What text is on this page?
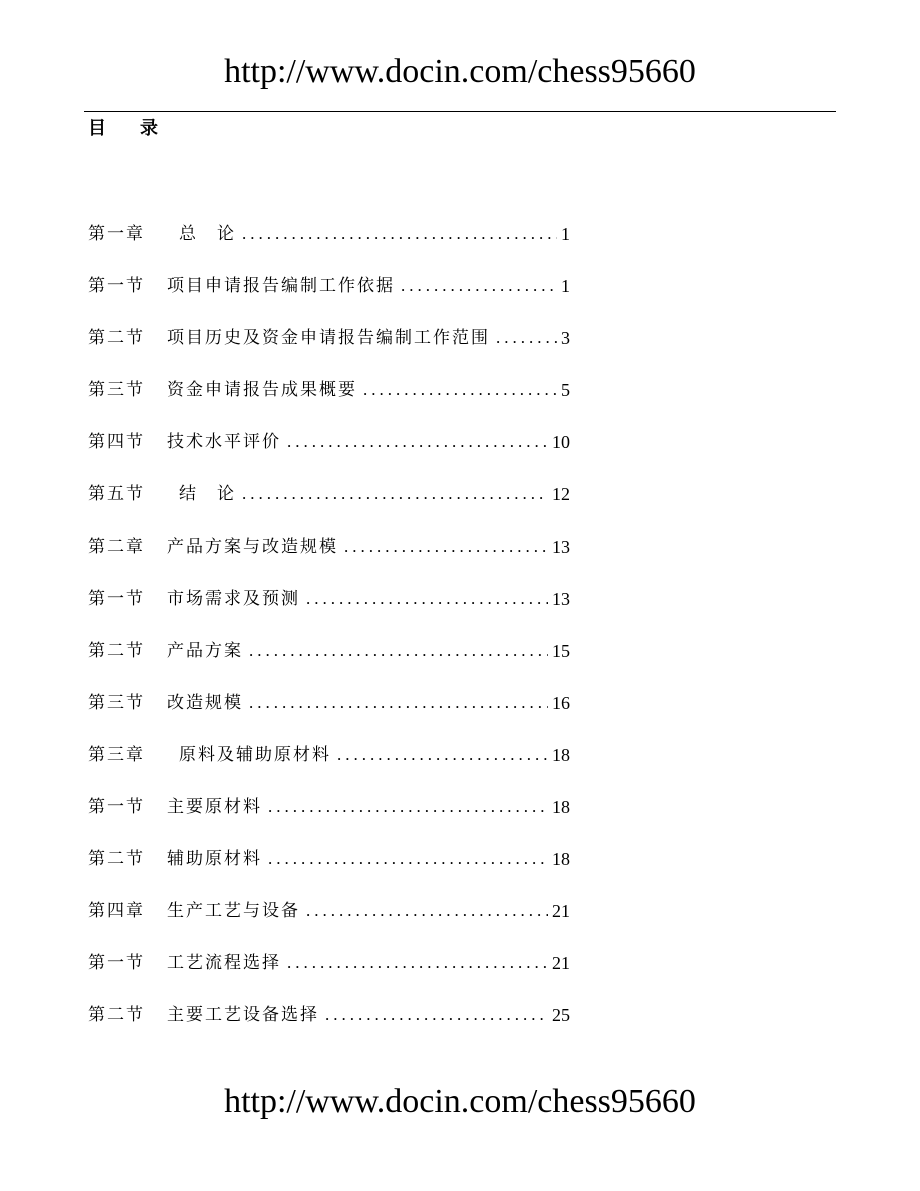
http://www.docin.com/chess95660
目录
第一章 总　论 .....	1
第一节 项目申请报告编制工作依据 .....	1
第二节 项目历史及资金申请报告编制工作范围 .....	3
第三节 资金申请报告成果概要 .....	5
第四节 技术水平评价 .....	10
第五节 结　论 .....	12
第二章 产品方案与改造规模 .....	13
第一节 市场需求及预测 .....	13
第二节 产品方案 .....	15
第三节 改造规模 .....	16
第三章 原料及辅助原材料 .....	18
第一节 主要原材料 .....	18
第二节 辅助原材料 .....	18
第四章 生产工艺与设备 .....	21
第一节 工艺流程选择 .....	21
第二节 主要工艺设备选择 .....	25
http://www.docin.com/chess95660
